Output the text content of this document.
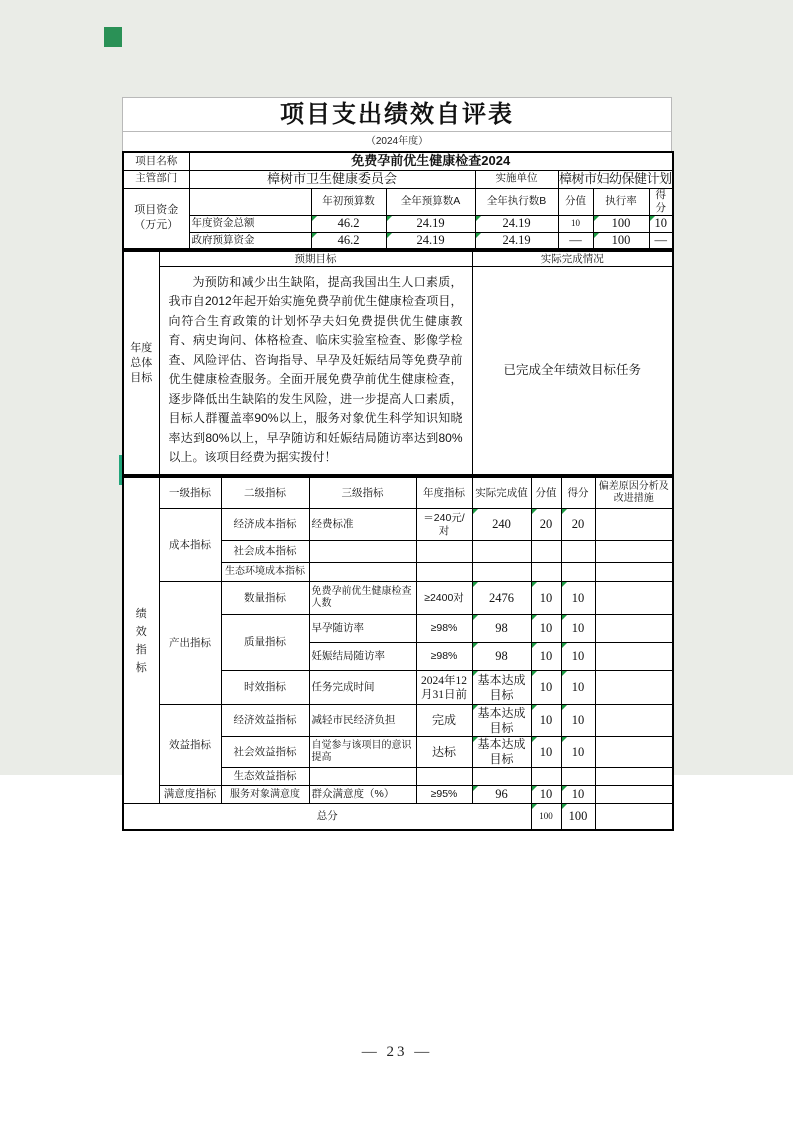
项目支出绩效自评表
（2024年度）
项目名称	免费孕前优生健康检查2024						
主管部门	樟树市卫生健康委员会			实施单位	樟树市妇幼保健计划		

项目资金（万元）		年初预算数	全年预算数A	全年执行数B	分值	执行率	得分
	年度资金总额	46.2	24.19	24.19	10	100	10
	政府预算资金	46.2	24.19	24.19	—	100	—
年度总体目标	预期目标	实际完成情况
	为预防和减少出生缺陷，提高我国出生人口素质，我市自2012年起开始实施免费孕前优生健康检查项目，向符合生育政策的计划怀孕夫妇免费提供优生健康教育、病史询问、体格检查、临床实验室检查、影像学检查、风险评估、咨询指导、早孕及妊娠结局等免费孕前优生健康检查服务。全面开展免费孕前优生健康检查，逐步降低出生缺陷的发生风险，进一步提高人口素质，目标人群覆盖率90%以上，服务对象优生科学知识知晓率达到80%以上，早孕随访和妊娠结局随访率达到80%以上。该项目经费为据实拨付！	已完成全年绩效目标任务
绩效指标	一级指标	二级指标	三级指标	年度指标	实际完成值	分值	得分	偏差原因分析及改进措施
	成本指标	经济成本指标	经费标准	＝240元/对	240	20	20	
		社会成本指标						
		生态环境成本指标						
	产出指标	数量指标	免费孕前优生健康检查人数	≥2400对	2476	10	10	
		质量指标	早孕随访率	≥98%	98	10	10	
			妊娠结局随访率	≥98%	98	10	10	
		时效指标	任务完成时间	2024年12月31日前	基本达成目标	10	10	
	效益指标	经济效益指标	减轻市民经济负担	完成	基本达成目标	10	10	
		社会效益指标	自觉参与该项目的意识提高	达标	基本达成目标	10	10	
		生态效益指标						
	满意度指标	服务对象满意度	群众满意度（%）	≥95%	96	10	10	
总分						100	100	
— 23 —
